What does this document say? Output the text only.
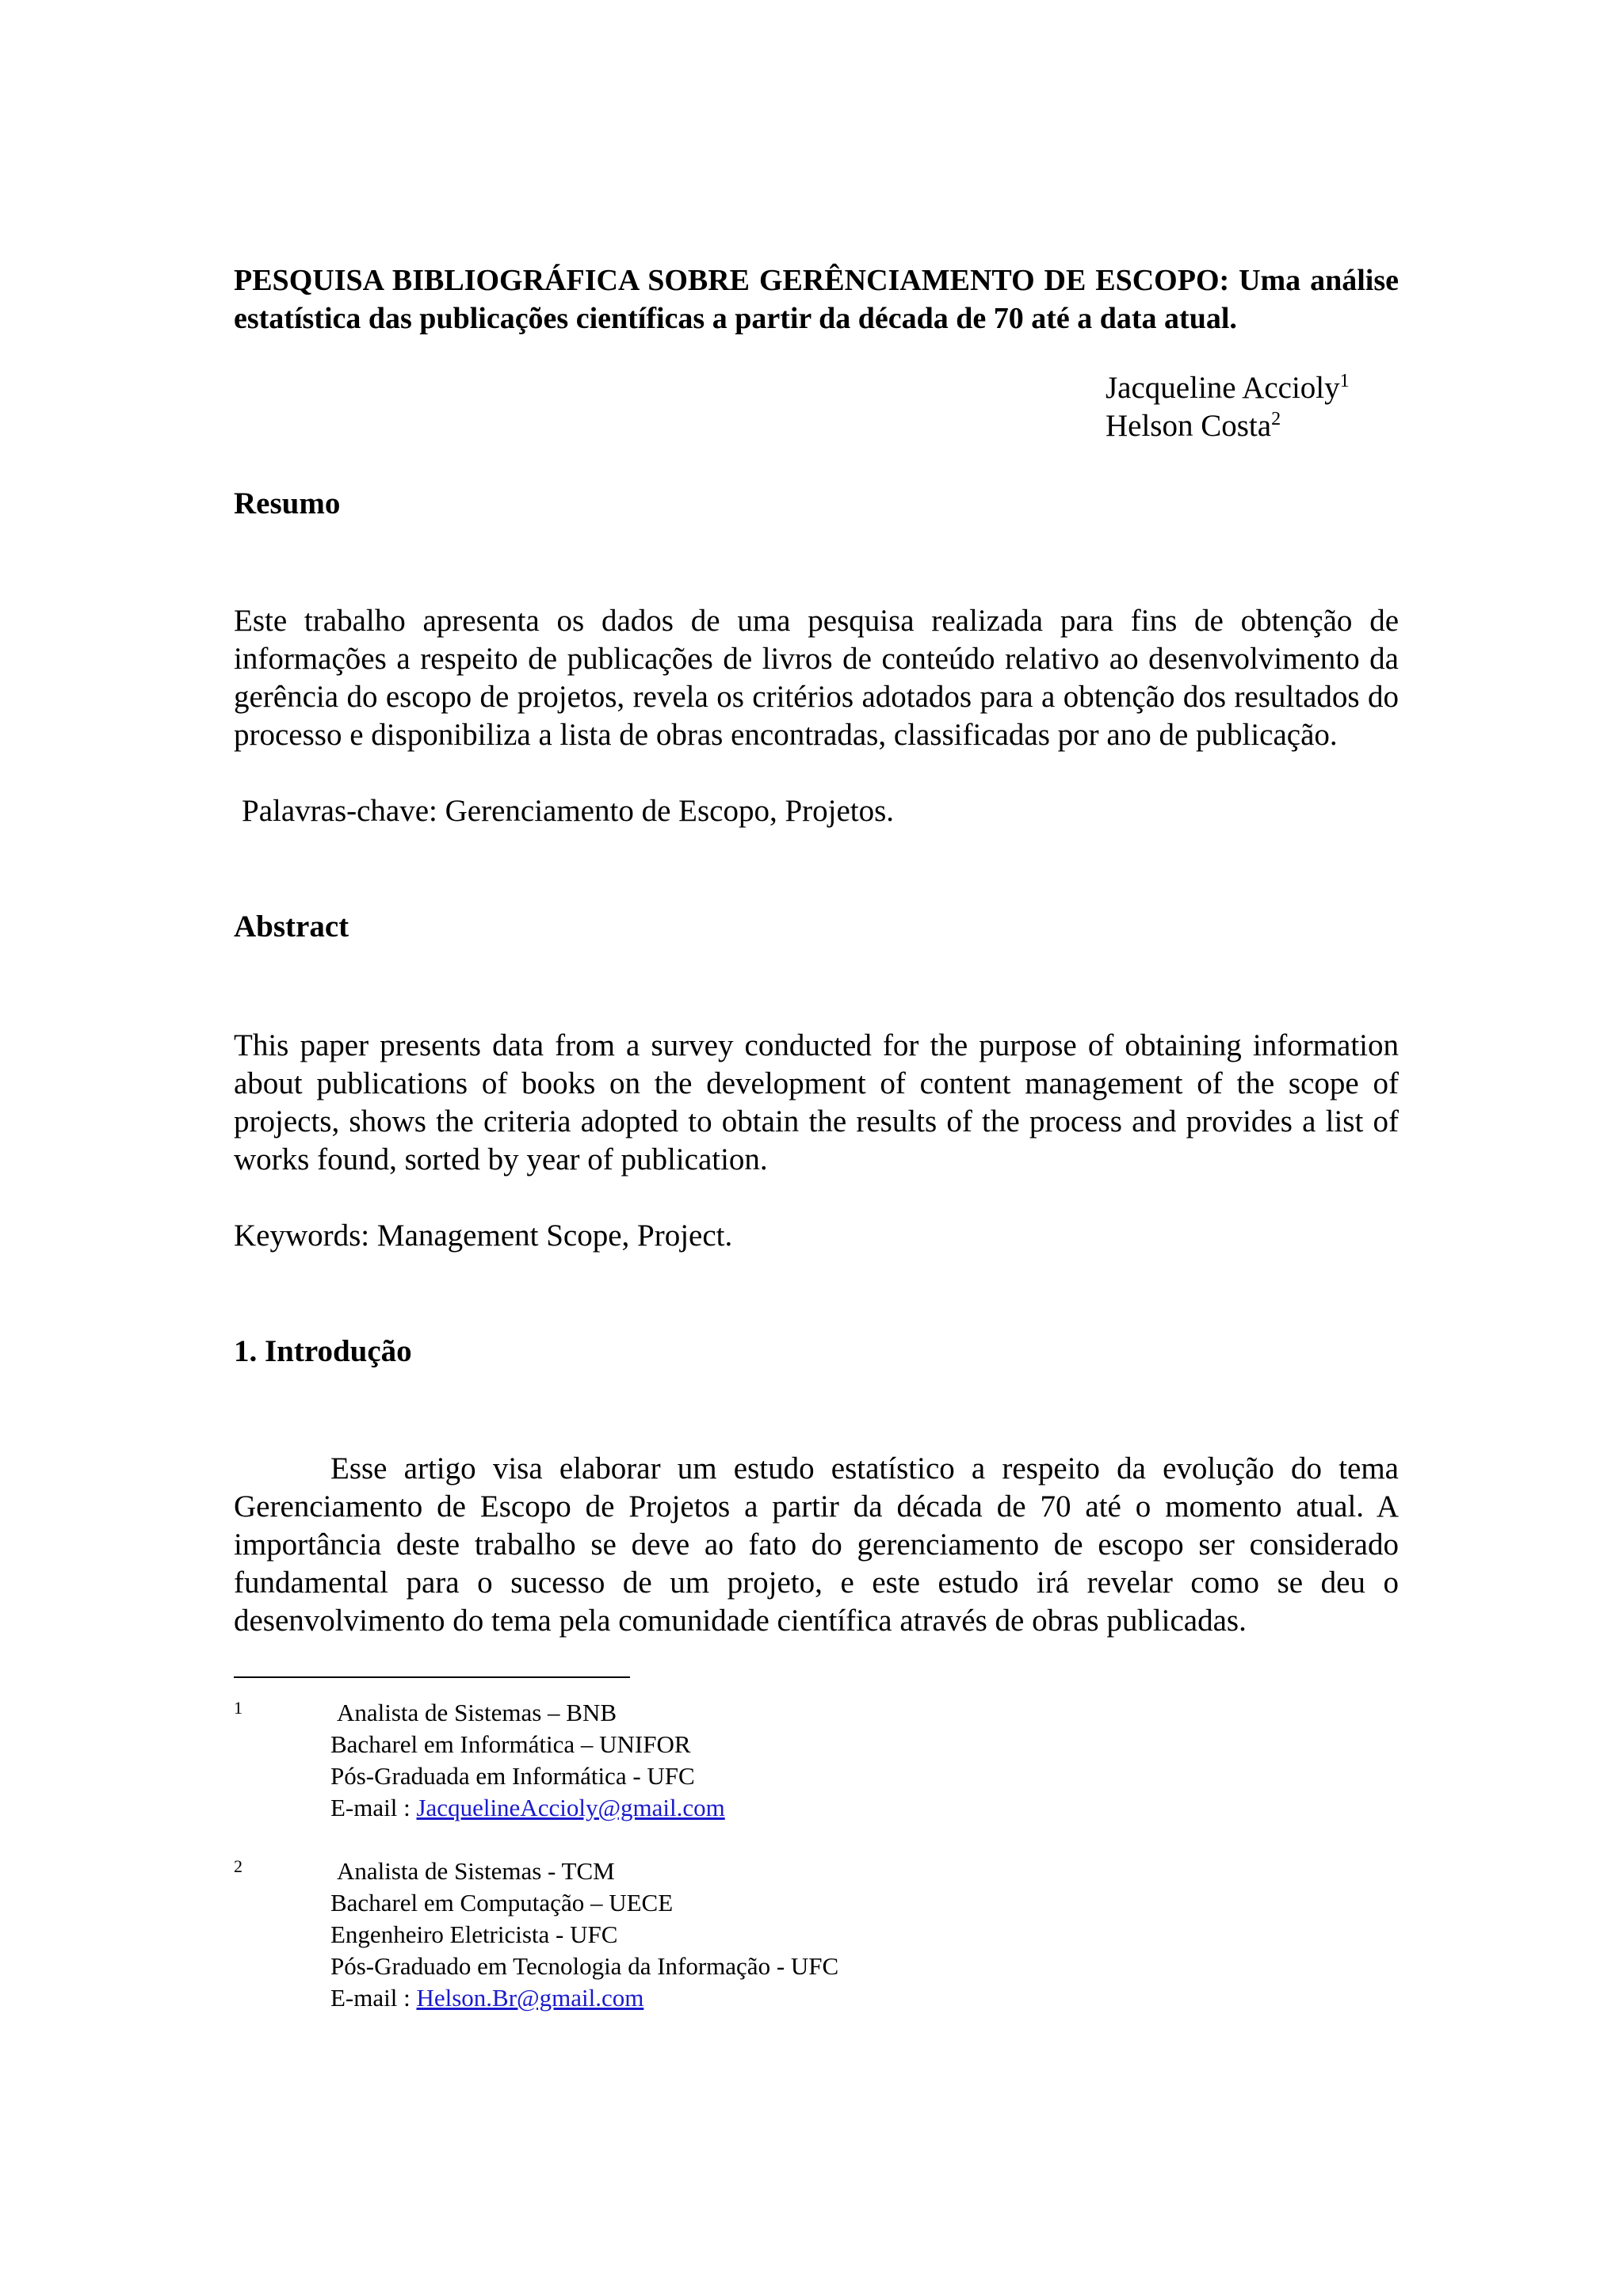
PESQUISA BIBLIOGRÁFICA SOBRE GERÊNCIAMENTO DE ESCOPO: Uma análise estatística das publicações científicas a partir da década de 70 até a data atual.

Jacqueline Accioly$^1$
Helson Costa$^2$
Resumo

Este trabalho apresenta os dados de uma pesquisa realizada para fins de obtenção de informações a respeito de publicações de livros de conteúdo relativo ao desenvolvimento da gerência do escopo de projetos, revela os critérios adotados para a obtenção dos resultados do processo e disponibiliza a lista de obras encontradas, classificadas por ano de publicação.

Palavras-chave: Gerenciamento de Escopo, Projetos.

Abstract

This paper presents data from a survey conducted for the purpose of obtaining information about publications of books on the development of content management of the scope of projects, shows the criteria adopted to obtain the results of the process and provides a list of works found, sorted by year of publication.

Keywords: Management Scope, Project.

1. Introdução

Esse artigo visa elaborar um estudo estatístico a respeito da evolução do tema Gerenciamento de Escopo de Projetos a partir da década de 70 até o momento atual. A importância deste trabalho se deve ao fato do gerenciamento de escopo ser considerado fundamental para o sucesso de um projeto, e este estudo irá revelar como se deu o desenvolvimento do tema pela comunidade científica através de obras publicadas.

1	Analista de Sistemas – BNB
Bacharel em Informática – UNIFOR
Pós-Graduada em Informática - UFC
E-mail : JacquelineAccioly@gmail.com
2	Analista de Sistemas - TCM
Bacharel em Computação – UECE
Engenheiro Eletricista - UFC
Pós-Graduado em Tecnologia da Informação - UFC
E-mail : Helson.Br@gmail.com
